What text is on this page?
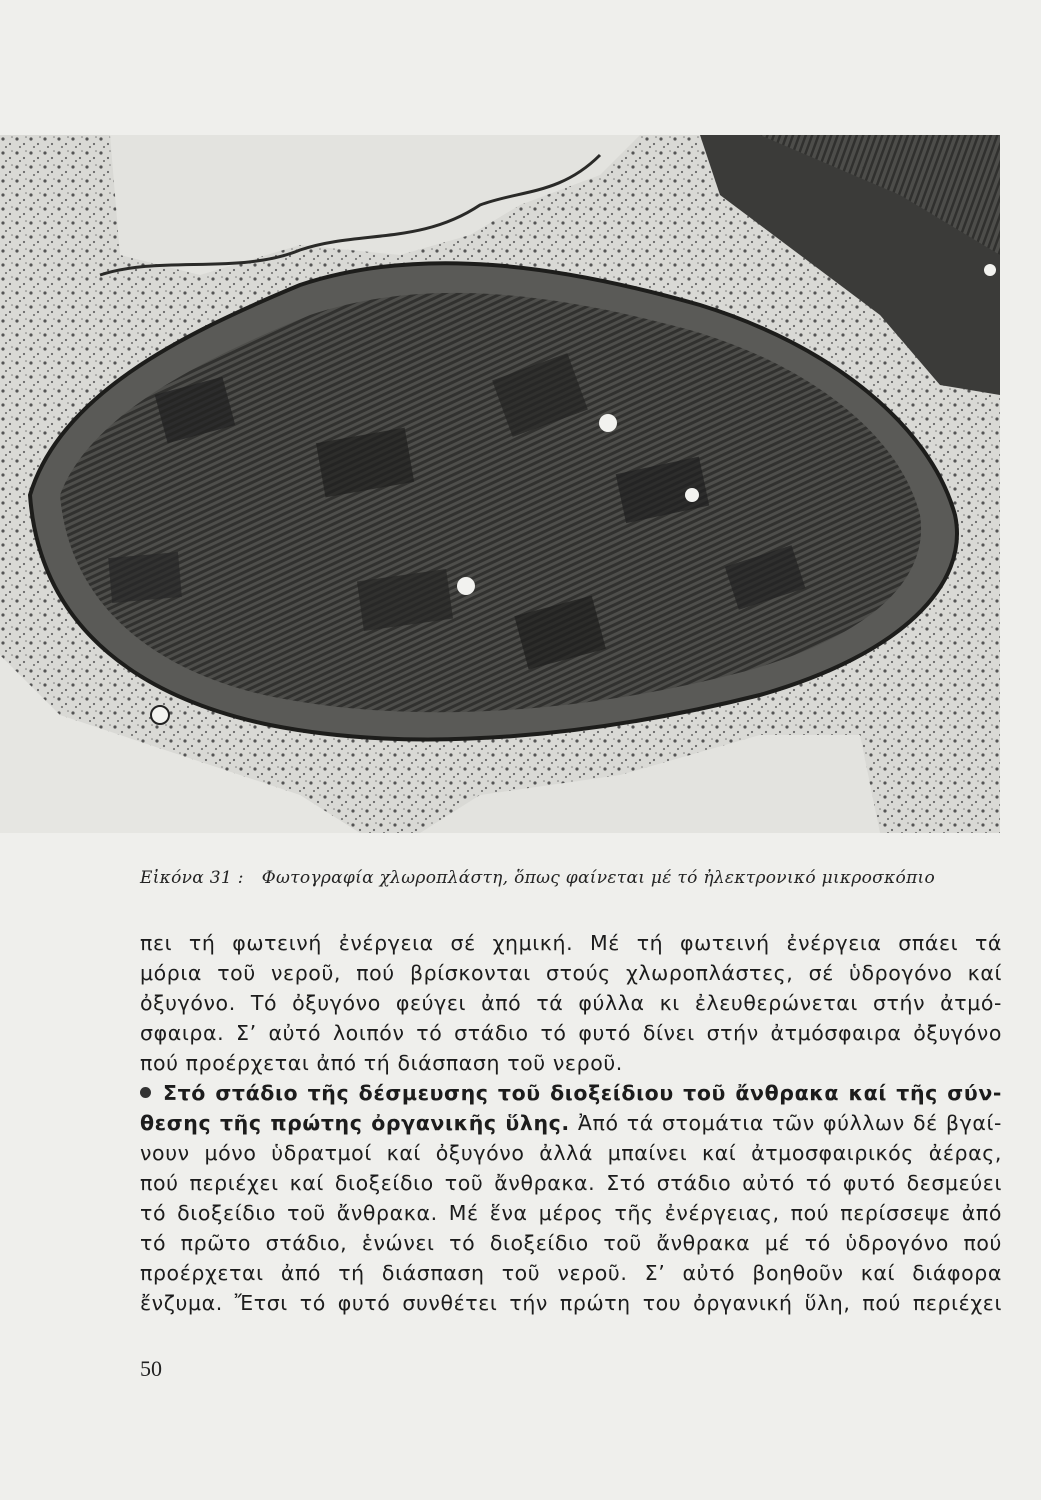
Εἰκόνα 31 : Φωτογραφία χλωροπλάστη, ὅπως φαίνεται μέ τό ἠλεκτρονικό μικροσκόπιο
πει τή φωτεινή ἐνέργεια σέ χημική. Μέ τή φωτεινή ἐνέργεια σπάει τά
μόρια τοῦ νεροῦ, πού βρίσκονται στούς χλωροπλάστες, σέ ὑδρογόνο καί
ὀξυγόνο. Τό ὀξυγόνο φεύγει ἀπό τά φύλλα κι ἐλευθερώνεται στήν ἀτμό-
σφαιρα. Σ’ αὐτό λοιπόν τό στάδιο τό φυτό δίνει στήν ἀτμόσφαιρα ὀξυγόνο
πού προέρχεται ἀπό τή διάσπαση τοῦ νεροῦ.
Στό στάδιο τῆς δέσμευσης τοῦ διοξείδιου τοῦ ἄνθρακα καί τῆς σύν-
θεσης τῆς πρώτης ὀργανικῆς ὕλης. Ἀπό τά στομάτια τῶν φύλλων δέ βγαί-
νουν μόνο ὑδρατμοί καί ὀξυγόνο ἀλλά μπαίνει καί ἀτμοσφαιρικός ἀέρας,
πού περιέχει καί διοξείδιο τοῦ ἄνθρακα. Στό στάδιο αὐτό τό φυτό δεσμεύει
τό διοξείδιο τοῦ ἄνθρακα. Μέ ἕνα μέρος τῆς ἐνέργειας, πού περίσσεψε ἀπό
τό πρῶτο στάδιο, ἑνώνει τό διοξείδιο τοῦ ἄνθρακα μέ τό ὑδρογόνο πού
προέρχεται ἀπό τή διάσπαση τοῦ νεροῦ. Σ’ αὐτό βοηθοῦν καί διάφορα
ἔνζυμα. Ἔτσι τό φυτό συνθέτει τήν πρώτη του ὀργανική ὕλη, πού περιέχει
50
